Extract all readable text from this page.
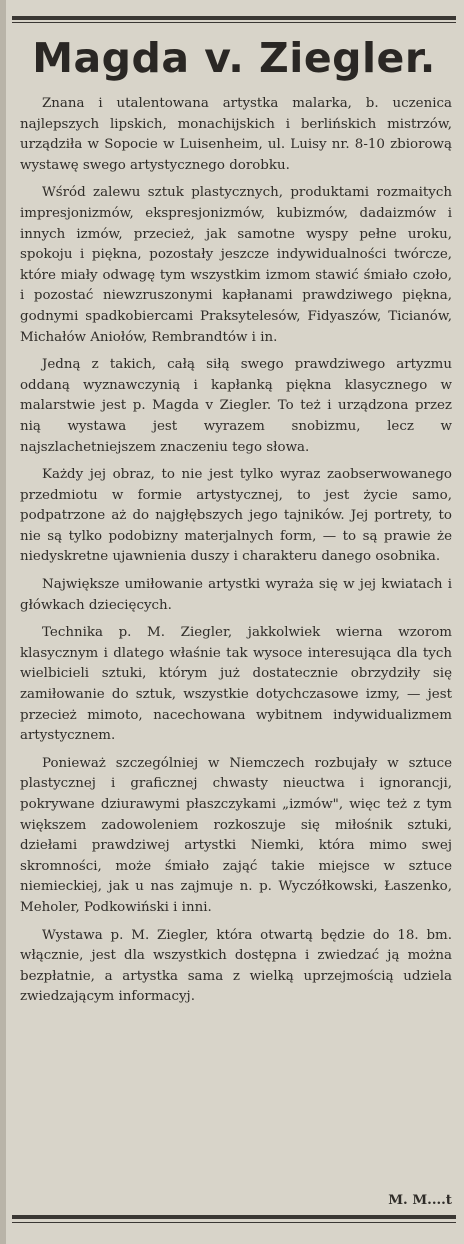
Magda v. Ziegler.

Znana i utalentowana artystka malarka, b. uczenica najlepszych lipskich, monachijskich i berlińskich mistrzów, urządziła w Sopocie w Luisenheim, ul. Luisy nr. 8-10 zbiorową wystawę swego artystycznego dorobku.

Wśród zalewu sztuk plastycznych, produktami rozmaitych impresjonizmów, ekspresjonizmów, kubizmów, dadaizmów i innych izmów, przecież, jak samotne wyspy pełne uroku, spokoju i piękna, pozostały jeszcze indywidualności twórcze, które miały odwagę tym wszystkim izmom stawić śmiało czoło, i pozostać niewzruszonymi kapłanami prawdziwego piękna, godnymi spadkobiercami Praksytelesów, Fidyaszów, Ticianów, Michałów Aniołów, Rembrandtów i in.

Jedną z takich, całą siłą swego prawdziwego artyzmu oddaną wyznawczynią i kapłanką piękna klasycznego w malarstwie jest p. Magda v Ziegler. To też i urządzona przez nią wystawa jest wyrazem snobizmu, lecz w najszlachetniejszem znaczeniu tego słowa.

Każdy jej obraz, to nie jest tylko wyraz zaobserwowanego przedmiotu w formie artystycznej, to jest życie samo, podpatrzone aż do najgłębszych jego tajników. Jej portrety, to nie są tylko podobizny materjalnych form, — to są prawie że niedyskretne ujawnienia duszy i charakteru danego osobnika.

Największe umiłowanie artystki wyraża się w jej kwiatach i główkach dziecięcych.

Technika p. M. Ziegler, jakkolwiek wierna wzorom klasycznym i dlatego właśnie tak wysoce interesująca dla tych wielbicieli sztuki, którym już dostatecznie obrzydziły się zamiłowanie do sztuk, wszystkie dotychczasowe izmy, — jest przecież mimoto, nacechowana wybitnem indywidualizmem artystycznem.

Ponieważ szczególniej w Niemczech rozbujały w sztuce plastycznej i graficznej chwasty nieuctwa i ignorancji, pokrywane dziurawymi płaszczykami „izmów", więc też z tym większem zadowoleniem rozkoszuje się miłośnik sztuki, dziełami prawdziwej artystki Niemki, która mimo swej skromności, może śmiało zająć takie miejsce w sztuce niemieckiej, jak u nas zajmuje n. p. Wyczółkowski, Łaszenko, Meholer, Podkowiński i inni.

Wystawa p. M. Ziegler, która otwartą będzie do 18. bm. włącznie, jest dla wszystkich dostępna i zwiedzać ją można bezpłatnie, a artystka sama z wielką uprzejmością udziela zwiedzającym informacyj.

M. M....t
